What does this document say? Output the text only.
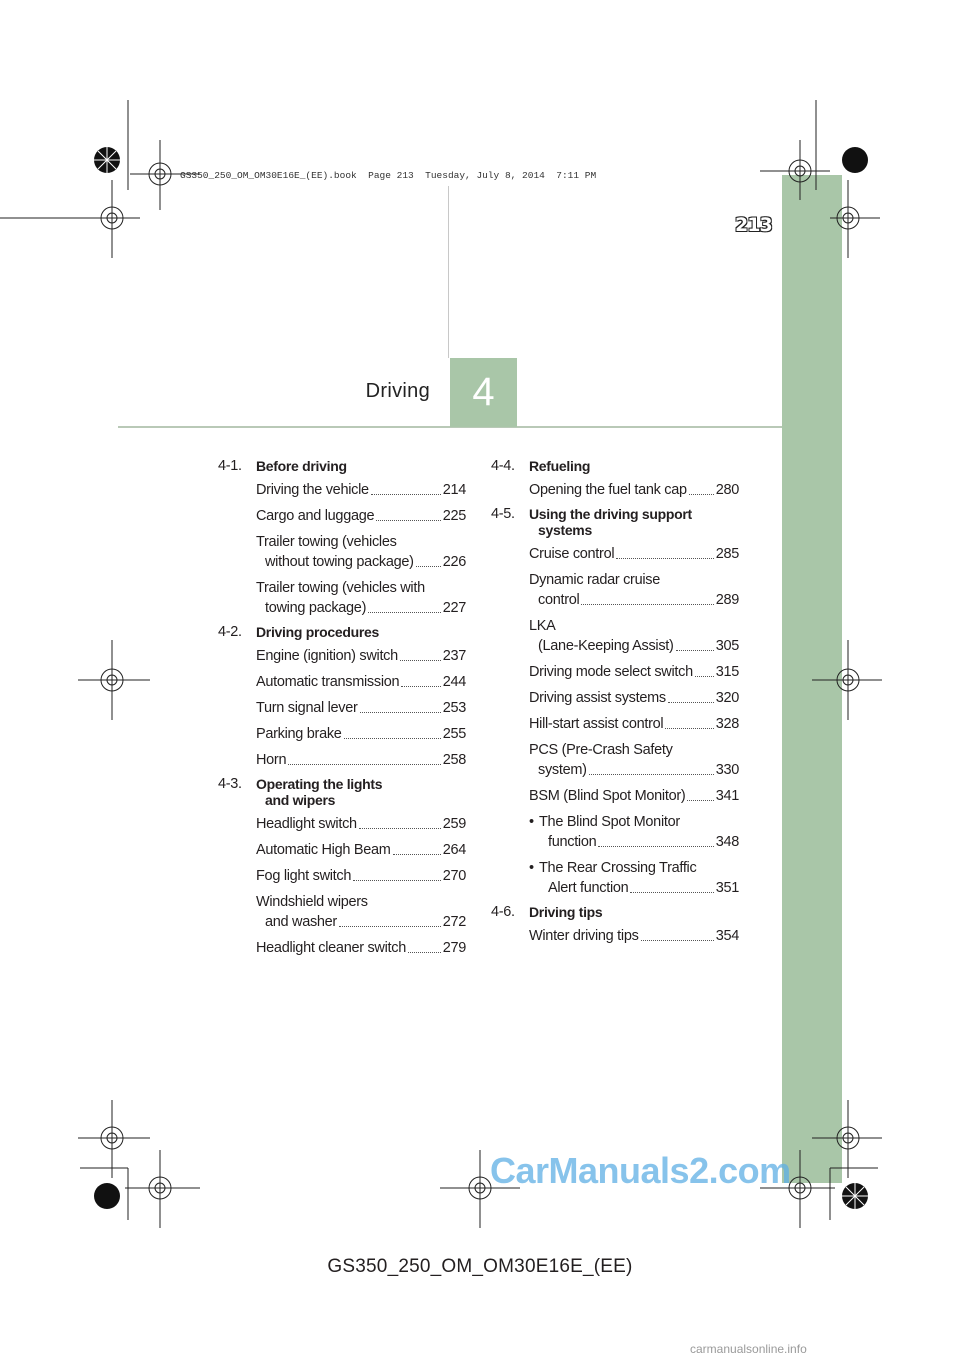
GS350_250_OM_OM30E16E_(EE).book  Page 213  Tuesday, July 8, 2014  7:11 PM
213
Driving	4
4-1.	Before driving
Driving the vehicle	214
Cargo and luggage	225
Trailer towing (vehicles
without towing package) 226
Trailer towing (vehicles with
towing package)	227
4-2.	Driving procedures
Engine (ignition) switch	237
Automatic transmission	244
Turn signal lever	253
Parking brake	255
Horn	258
4-3.	Operating the lights
and wipers
Headlight switch	259
Automatic High Beam	264
Fog light switch	270
Windshield wipers
and washer	272
Headlight cleaner switch	279
4-4.	Refueling
Opening the fuel tank cap 280
4-5.	Using the driving support
systems
Cruise control	285
Dynamic radar cruise
control	289
LKA
(Lane-Keeping Assist)	305
Driving mode select switch 315
Driving assist systems	320
Hill-start assist control	328
PCS (Pre-Crash Safety
system)	330
BSM (Blind Spot Monitor) 341
• The Blind Spot Monitor
function	348
• The Rear Crossing Traffic
Alert function	351
4-6.	Driving tips
Winter driving tips	354
GS350_250_OM_OM30E16E_(EE)
CarManuals2.com
carmanualsonline.info
